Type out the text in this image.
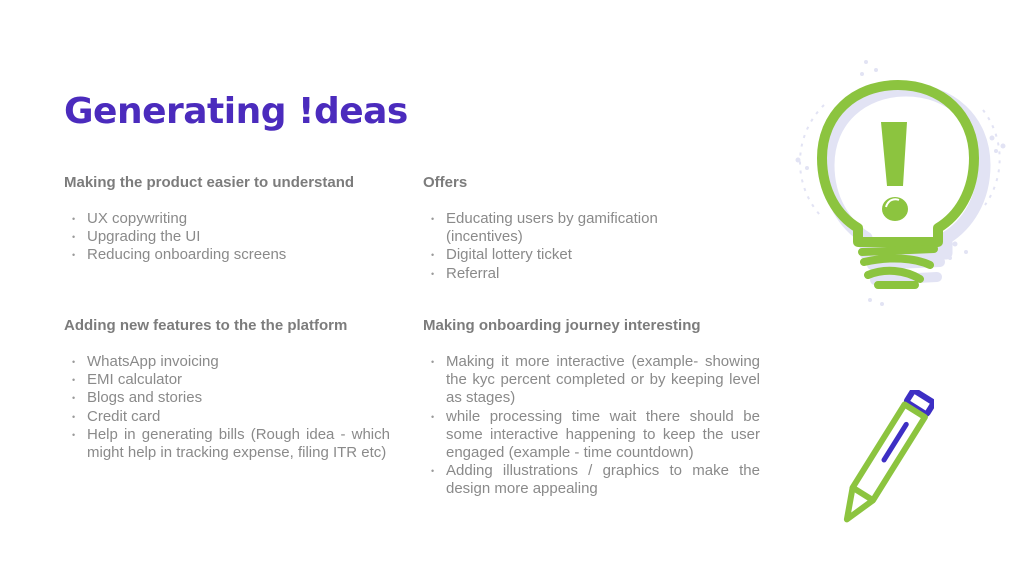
Generating !deas
Making the product easier to understand
• UX copywriting
• Upgrading the UI
• Reducing onboarding screens
Offers
• Educating users by gamification (incentives)
• Digital lottery ticket
• Referral
Adding new features to the the platform
• WhatsApp invoicing
• EMI calculator
• Blogs and stories
• Credit card
• Help in generating bills (Rough idea - which might help in tracking expense, filing ITR etc)
Making onboarding journey interesting
• Making it more interactive (example- showing the kyc percent completed or by keeping level as stages)
• while processing time wait there should be some interactive happening to keep the user engaged (example - time countdown)
• Adding illustrations / graphics to make the design more appealing
